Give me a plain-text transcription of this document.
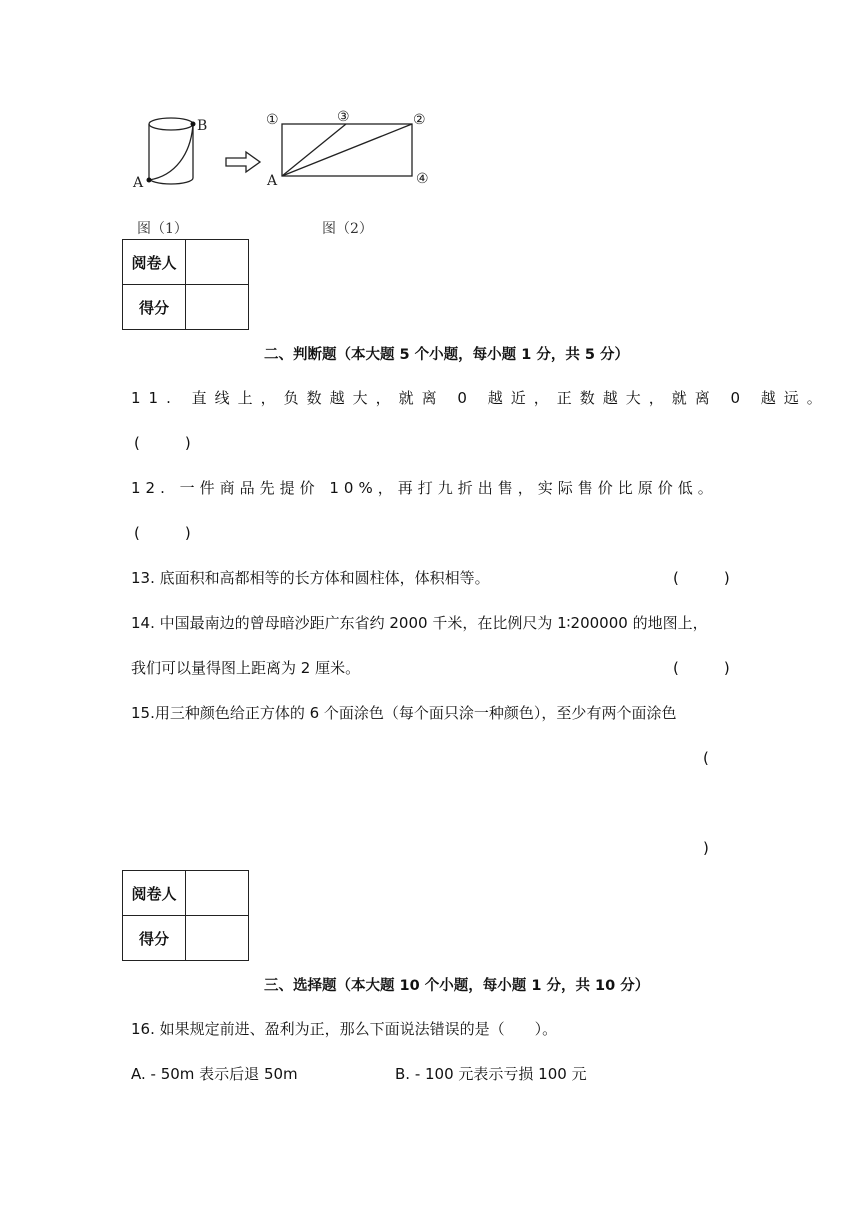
B
A
①	③	②
④
A
图（1）	图（2）
阅卷人	
得分	
二、判断题（本大题 5 个小题，每小题 1 分，共 5 分）
11. 直线上，负数越大，就离 0 越近，正数越大，就离 0 越远。
(　　　)
12. 一件商品先提价 10%，再打九折出售，实际售价比原价低。
(　　　)
13. 底面积和高都相等的长方体和圆柱体，体积相等。	(　　　)
14. 中国最南边的曾母暗沙距广东省约 2000 千米，在比例尺为 1∶200000 的地图上，
我们可以量得图上距离为 2 厘米。	(　　　)
15.用三种颜色给正方体的 6 个面涂色（每个面只涂一种颜色），至少有两个面涂色
(
)
阅卷人	
得分	
三、选择题（本大题 10 个小题，每小题 1 分，共 10 分）
16. 如果规定前进、盈利为正，那么下面说法错误的是（　　）。
A. - 50m 表示后退 50m	B. - 100 元表示亏损 100 元
